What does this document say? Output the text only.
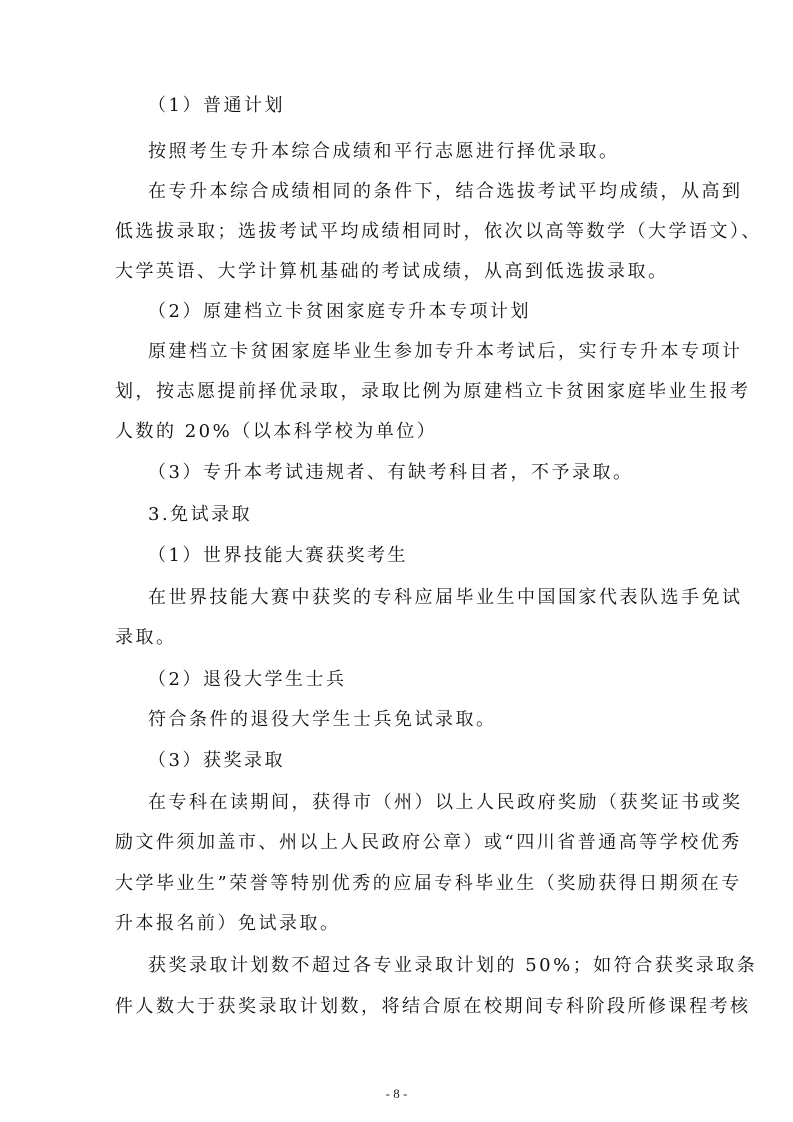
（1）普通计划
按照考生专升本综合成绩和平行志愿进行择优录取。
在专升本综合成绩相同的条件下，结合选拔考试平均成绩，从高到
低选拔录取；选拔考试平均成绩相同时，依次以高等数学（大学语文）、
大学英语、大学计算机基础的考试成绩，从高到低选拔录取。
（2）原建档立卡贫困家庭专升本专项计划
原建档立卡贫困家庭毕业生参加专升本考试后，实行专升本专项计
划，按志愿提前择优录取，录取比例为原建档立卡贫困家庭毕业生报考
人数的 20%（以本科学校为单位）
（3）专升本考试违规者、有缺考科目者，不予录取。
3.免试录取
（1）世界技能大赛获奖考生
在世界技能大赛中获奖的专科应届毕业生中国国家代表队选手免试
录取。
（2）退役大学生士兵
符合条件的退役大学生士兵免试录取。
（3）获奖录取
在专科在读期间，获得市（州）以上人民政府奖励（获奖证书或奖
励文件须加盖市、州以上人民政府公章）或“四川省普通高等学校优秀
大学毕业生”荣誉等特别优秀的应届专科毕业生（奖励获得日期须在专
升本报名前）免试录取。
获奖录取计划数不超过各专业录取计划的 50%；如符合获奖录取条
件人数大于获奖录取计划数，将结合原在校期间专科阶段所修课程考核
- 8 -
